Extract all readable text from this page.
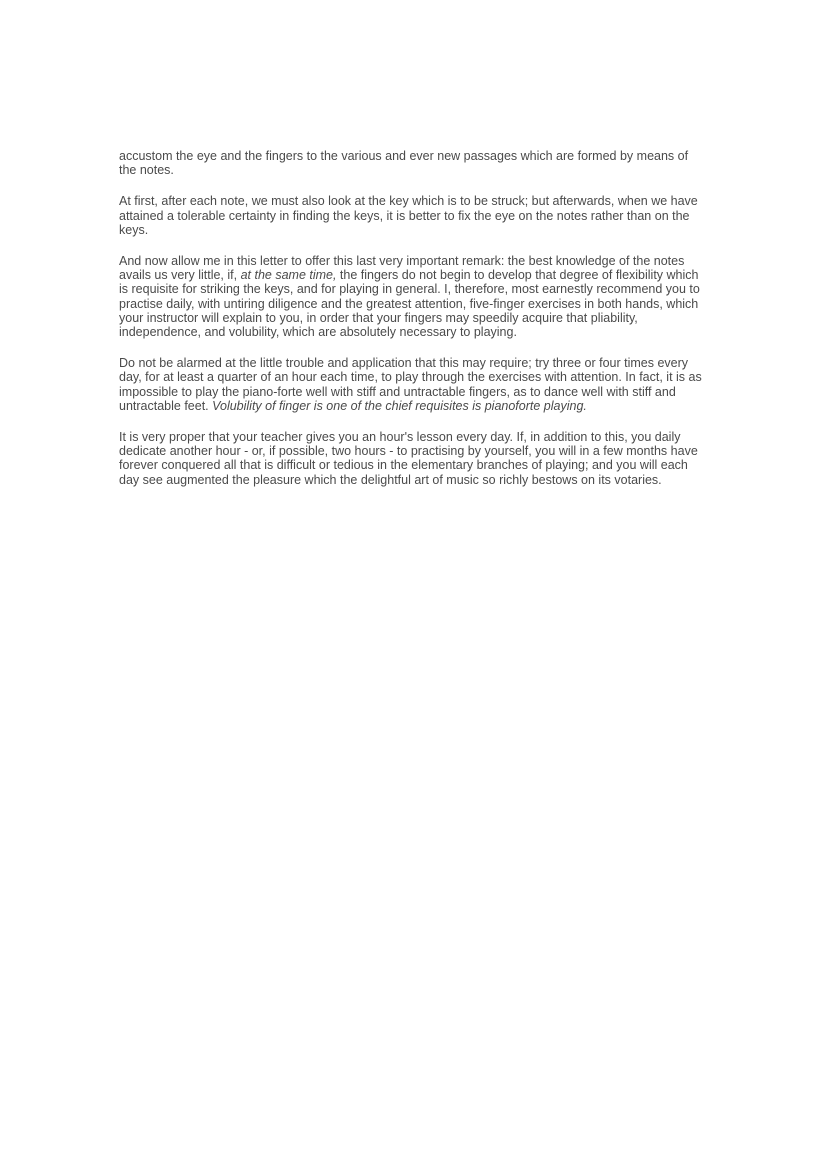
accustom the eye and the fingers to the various and ever new passages which are formed by means of the notes.

At first, after each note, we must also look at the key which is to be struck; but afterwards, when we have attained a tolerable certainty in finding the keys, it is better to fix the eye on the notes rather than on the keys.

And now allow me in this letter to offer this last very important remark: the best knowledge of the notes avails us very little, if, at the same time, the fingers do not begin to develop that degree of flexibility which is requisite for striking the keys, and for playing in general. I, therefore, most earnestly recommend you to practise daily, with untiring diligence and the greatest attention, five-finger exercises in both hands, which your instructor will explain to you, in order that your fingers may speedily acquire that pliability, independence, and volubility, which are absolutely necessary to playing.

Do not be alarmed at the little trouble and application that this may require; try three or four times every day, for at least a quarter of an hour each time, to play through the exercises with attention. In fact, it is as impossible to play the piano-forte well with stiff and untractable fingers, as to dance well with stiff and untractable feet. Volubility of finger is one of the chief requisites is pianoforte playing.

It is very proper that your teacher gives you an hour's lesson every day. If, in addition to this, you daily dedicate another hour - or, if possible, two hours - to practising by yourself, you will in a few months have forever conquered all that is difficult or tedious in the elementary branches of playing; and you will each day see augmented the pleasure which the delightful art of music so richly bestows on its votaries.
